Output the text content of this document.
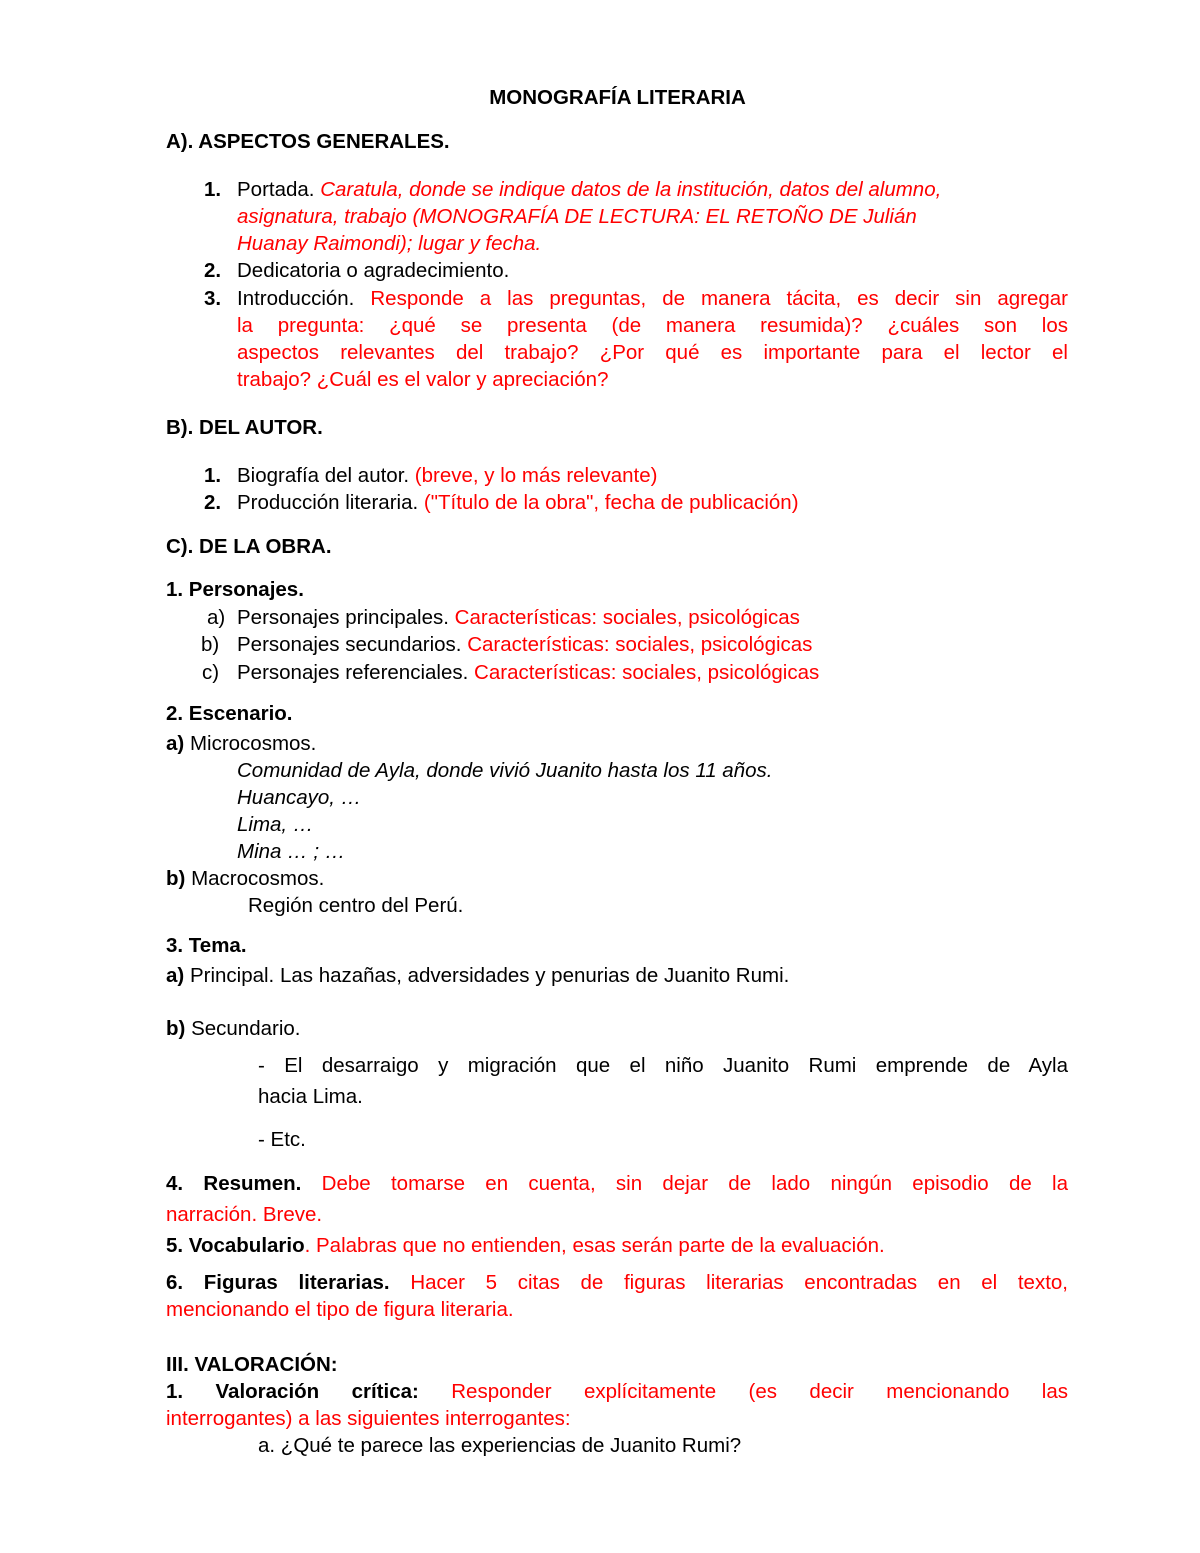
MONOGRAFÍA LITERARIA
A). ASPECTOS GENERALES.
1. Portada. Caratula, donde se indique datos de la institución, datos del alumno,
asignatura, trabajo (MONOGRAFÍA DE LECTURA: EL RETOÑO DE Julián
Huanay Raimondi); lugar y fecha.
2. Dedicatoria o agradecimiento.
3. Introducción. Responde a las preguntas, de manera tácita, es decir sin agregar
la pregunta: ¿qué se presenta (de manera resumida)? ¿cuáles son los
aspectos relevantes del trabajo? ¿Por qué es importante para el lector el
trabajo? ¿Cuál es el valor y apreciación?
B). DEL AUTOR.
1. Biografía del autor. (breve, y lo más relevante)
2. Producción literaria. ("Título de la obra", fecha de publicación)
C). DE LA OBRA.
1. Personajes.
a) Personajes principales. Características: sociales, psicológicas
b) Personajes secundarios. Características: sociales, psicológicas
c) Personajes referenciales. Características: sociales, psicológicas
2. Escenario.
a) Microcosmos.
Comunidad de Ayla, donde vivió Juanito hasta los 11 años.
Huancayo, …
Lima, …
Mina … ; …
b) Macrocosmos.
Región centro del Perú.
3. Tema.
a) Principal. Las hazañas, adversidades y penurias de Juanito Rumi.
b) Secundario.
- El desarraigo y migración que el niño Juanito Rumi emprende de Ayla
hacia Lima.
- Etc.
4. Resumen. Debe tomarse en cuenta, sin dejar de lado ningún episodio de la
narración. Breve.
5. Vocabulario. Palabras que no entienden, esas serán parte de la evaluación.
6. Figuras literarias. Hacer 5 citas de figuras literarias encontradas en el texto,
mencionando el tipo de figura literaria.
III. VALORACIÓN:
1. Valoración crítica: Responder explícitamente (es decir mencionando las
interrogantes) a las siguientes interrogantes:
a. ¿Qué te parece las experiencias de Juanito Rumi?
